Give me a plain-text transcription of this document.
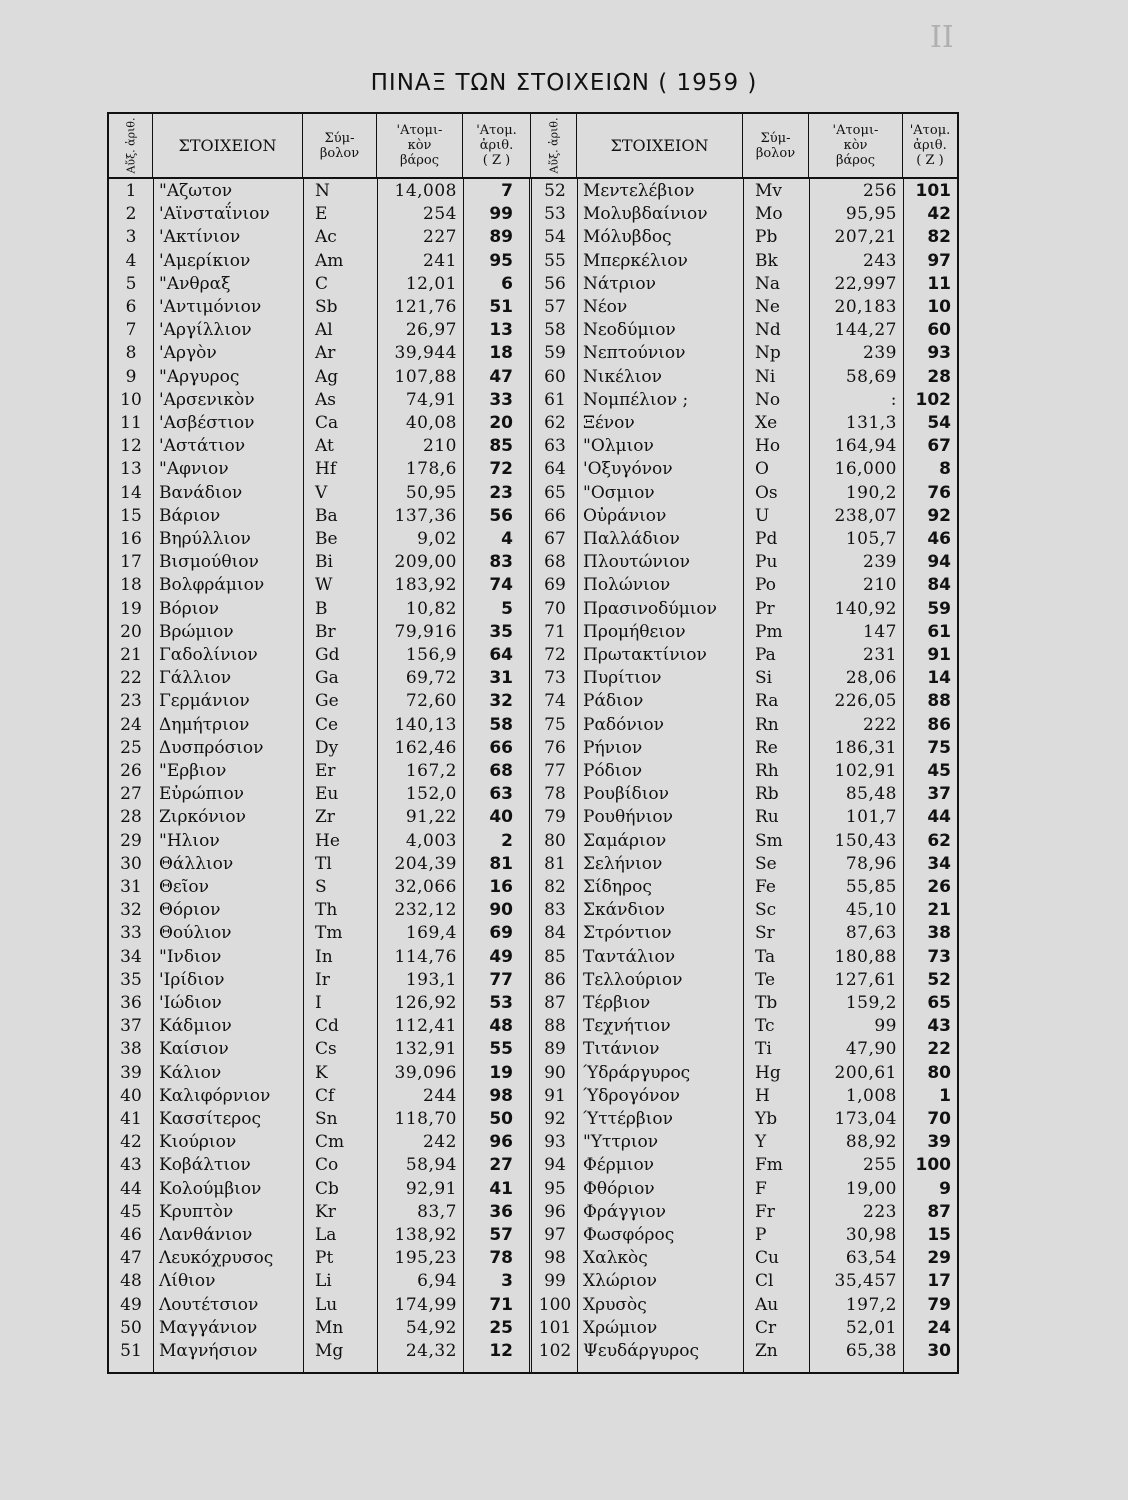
ΙΙ
ΠΙΝΑΞ ΤΩΝ ΣΤΟΙΧΕΙΩΝ ( 1959 )
Αὔξ. ἀριθ.	ΣΤΟΙΧΕΙΟΝ	Σύμ-
βολον
'Ατομι-
κὸν
βάρος
'Ατομ.
ἀριθ.
( Ζ )	Αὔξ. ἀριθ.	ΣΤΟΙΧΕΙΟΝ	Σύμ-
βολον
'Ατομι-
κὸν
βάρος
'Ατομ.
ἀριθ.
( Ζ )
1	"Αζωτον	N	14,008	7	52	Μεντελέβιον	Mv	256	101
2	'Αϊνσταΐνιον	E	254	99	53	Μολυβδαίνιον	Mo	95,95	42
3	'Ακτίνιον	Ac	227	89	54	Μόλυβδος	Pb	207,21	82
4	'Αμερίκιον	Am	241	95	55	Μπερκέλιον	Bk	243	97
5	"Ανθραξ	C	12,01	6	56	Νάτριον	Na	22,997	11
6	'Αντιμόνιον	Sb	121,76	51	57	Νέον	Ne	20,183	10
7	'Αργίλλιον	Al	26,97	13	58	Νεοδύμιον	Nd	144,27	60
8	'Αργὸν	Ar	39,944	18	59	Νεπτούνιον	Np	239	93
9	"Αργυρος	Ag	107,88	47	60	Νικέλιον	Ni	58,69	28
10	'Αρσενικὸν	As	74,91	33	61	Νομπέλιον ;	No	:	102
11	'Ασβέστιον	Ca	40,08	20	62	Ξένον	Xe	131,3	54
12	'Αστάτιον	At	210	85	63	"Ολμιον	Ho	164,94	67
13	"Αφνιον	Hf	178,6	72	64	'Οξυγόνον	O	16,000	8
14	Βανάδιον	V	50,95	23	65	"Οσμιον	Os	190,2	76
15	Βάριον	Ba	137,36	56	66	Οὐράνιον	U	238,07	92
16	Βηρύλλιον	Be	9,02	4	67	Παλλάδιον	Pd	105,7	46
17	Βισμούθιον	Bi	209,00	83	68	Πλουτώνιον	Pu	239	94
18	Βολφράμιον	W	183,92	74	69	Πολώνιον	Po	210	84
19	Βόριον	B	10,82	5	70	Πρασινοδύμιον	Pr	140,92	59
20	Βρώμιον	Br	79,916	35	71	Προμήθειον	Pm	147	61
21	Γαδολίνιον	Gd	156,9	64	72	Πρωτακτίνιον	Pa	231	91
22	Γάλλιον	Ga	69,72	31	73	Πυρίτιον	Si	28,06	14
23	Γερμάνιον	Ge	72,60	32	74	Ράδιον	Ra	226,05	88
24	Δημήτριον	Ce	140,13	58	75	Ραδόνιον	Rn	222	86
25	Δυσπρόσιον	Dy	162,46	66	76	Ρήνιον	Re	186,31	75
26	"Ερβιον	Er	167,2	68	77	Ρόδιον	Rh	102,91	45
27	Εὐρώπιον	Eu	152,0	63	78	Ρουβίδιον	Rb	85,48	37
28	Ζιρκόνιον	Zr	91,22	40	79	Ρουθήνιον	Ru	101,7	44
29	"Ηλιον	He	4,003	2	80	Σαμάριον	Sm	150,43	62
30	Θάλλιον	Tl	204,39	81	81	Σελήνιον	Se	78,96	34
31	Θεῖον	S	32,066	16	82	Σίδηρος	Fe	55,85	26
32	Θόριον	Th	232,12	90	83	Σκάνδιον	Sc	45,10	21
33	Θούλιον	Tm	169,4	69	84	Στρόντιον	Sr	87,63	38
34	"Ινδιον	In	114,76	49	85	Ταντάλιον	Ta	180,88	73
35	'Ιρίδιον	Ir	193,1	77	86	Τελλούριον	Te	127,61	52
36	'Ιώδιον	I	126,92	53	87	Τέρβιον	Tb	159,2	65
37	Κάδμιον	Cd	112,41	48	88	Τεχνήτιον	Tc	99	43
38	Καίσιον	Cs	132,91	55	89	Τιτάνιον	Ti	47,90	22
39	Κάλιον	K	39,096	19	90	Ύδράργυρος	Hg	200,61	80
40	Καλιφόρνιον	Cf	244	98	91	Ύδρογόνον	H	1,008	1
41	Κασσίτερος	Sn	118,70	50	92	Ύττέρβιον	Yb	173,04	70
42	Κιούριον	Cm	242	96	93	"Υττριον	Y	88,92	39
43	Κοβάλτιον	Co	58,94	27	94	Φέρμιον	Fm	255	100
44	Κολούμβιον	Cb	92,91	41	95	Φθόριον	F	19,00	9
45	Κρυπτὸν	Kr	83,7	36	96	Φράγγιον	Fr	223	87
46	Λανθάνιον	La	138,92	57	97	Φωσφόρος	P	30,98	15
47	Λευκόχρυσος	Pt	195,23	78	98	Χαλκὸς	Cu	63,54	29
48	Λίθιον	Li	6,94	3	99	Χλώριον	Cl	35,457	17
49	Λουτέτσιον	Lu	174,99	71	100 Χρυσὸς	Au	197,2	79
50	Μαγγάνιον	Mn	54,92	25	101 Χρώμιον	Cr	52,01	24
51	Μαγνήσιον	Mg	24,32	12	102 Ψευδάργυρος	Zn	65,38	30
